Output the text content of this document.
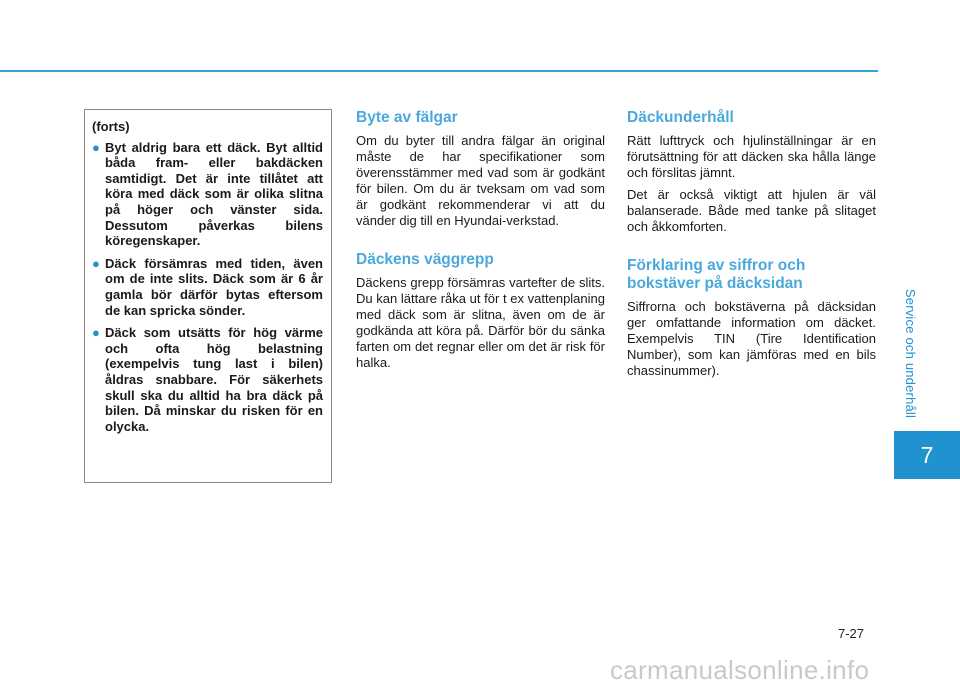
Service och underhåll
7

(forts)

● Byt aldrig bara ett däck. Byt alltid båda fram- eller bakdäcken samtidigt. Det är inte tillåtet att köra med däck som är olika slitna på höger och vänster sida. Dessutom påverkas bilens köregenskaper.
● Däck försämras med tiden, även om de inte slits. Däck som är 6 år gamla bör därför bytas eftersom de kan spricka sönder.
● Däck som utsätts för hög värme och ofta hög belastning (exempelvis tung last i bilen) åldras snabbare. För säkerhets skull ska du alltid ha bra däck på bilen. Då minskar du risken för en olycka.
Byte av fälgar

Om du byter till andra fälgar än original måste de har specifikationer som överensstämmer med vad som är godkänt för bilen. Om du är tveksam om vad som är godkänt rekommenderar vi att du vänder dig till en Hyundai-verkstad.

Däckens väggrepp

Däckens grepp försämras vartefter de slits. Du kan lättare råka ut för t ex vattenplaning med däck som är slitna, även om de är godkända att köra på. Därför bör du sänka farten om det regnar eller om det är risk för halka.

Däckunderhåll

Rätt lufttryck och hjulinställningar är en förutsättning för att däcken ska hålla länge och förslitas jämnt.

Det är också viktigt att hjulen är väl balanserade. Både med tanke på slitaget och åkkomforten.

Förklaring av siffror och bokstäver på däcksidan

Siffrorna och bokstäverna på däcksidan ger omfattande information om däcket. Exempelvis TIN (Tire Identification Number), som kan jämföras med en bils chassinummer).

7-27
carmanualsonline.info
